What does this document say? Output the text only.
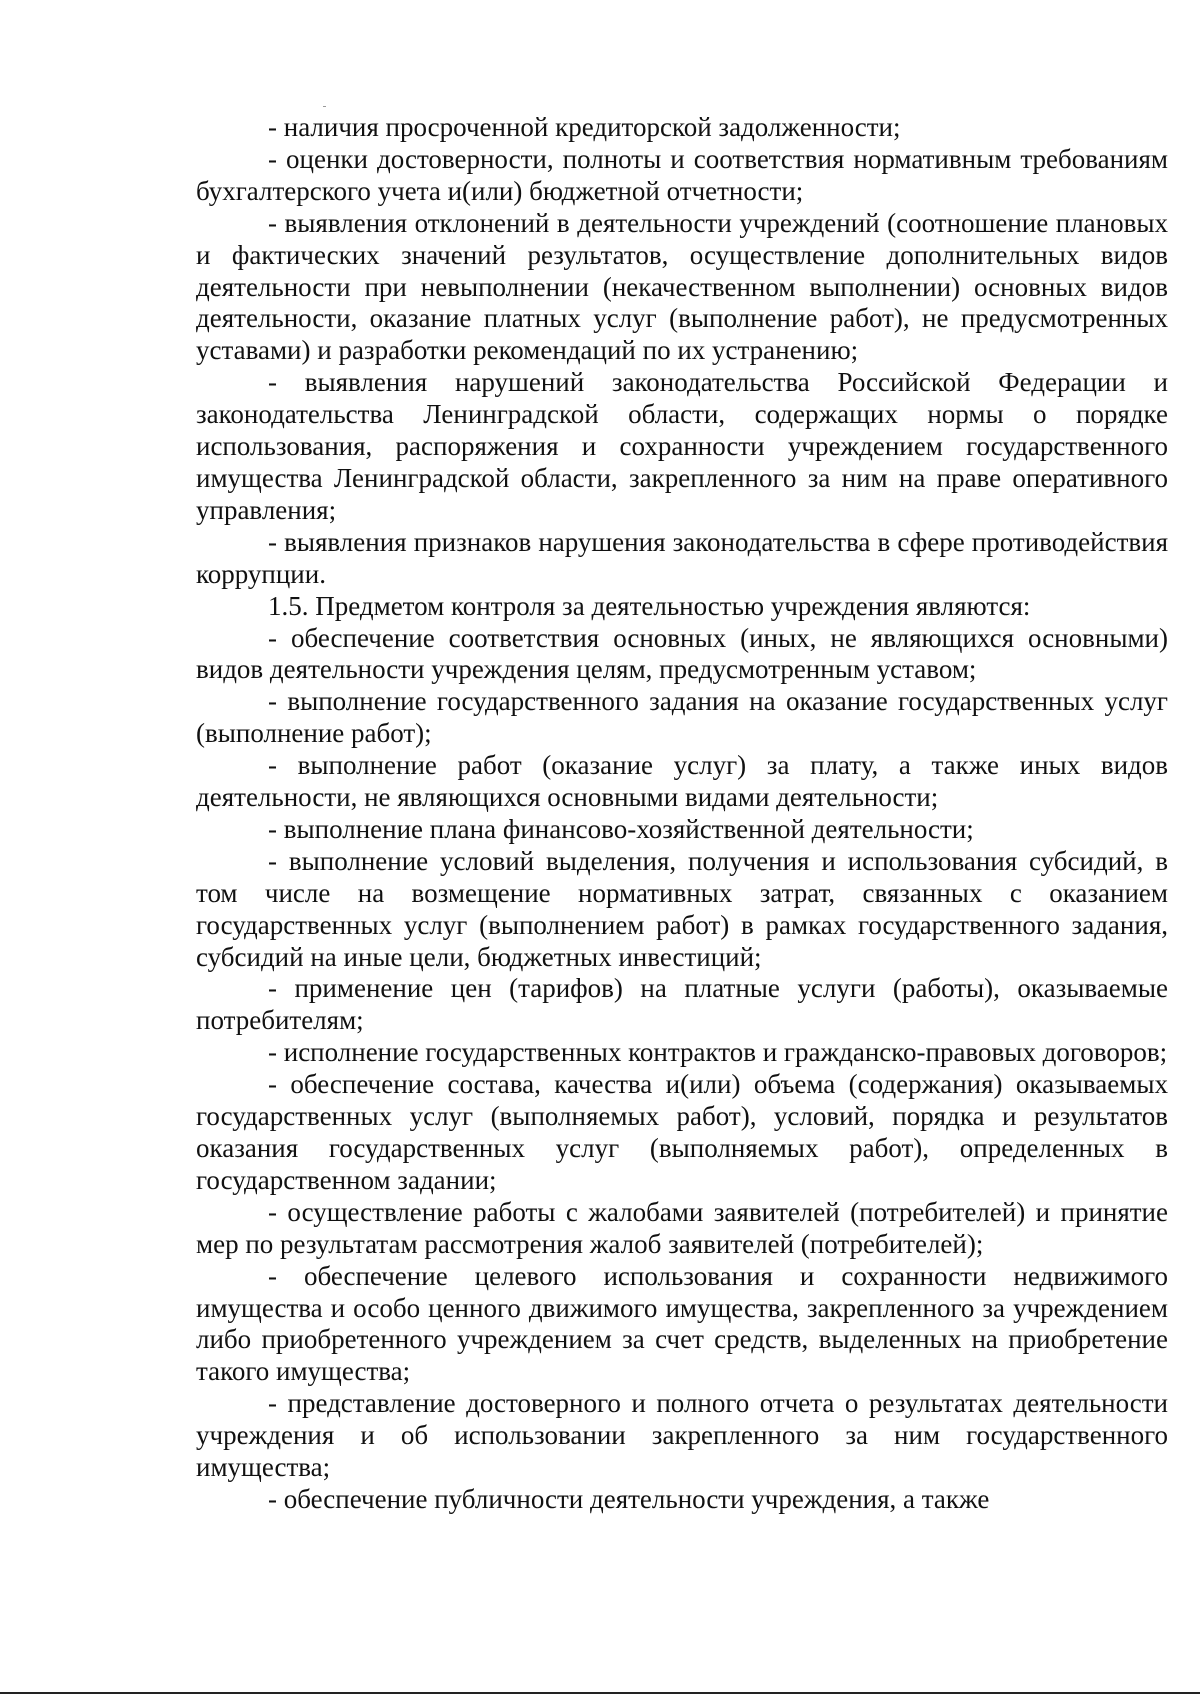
- наличия просроченной кредиторской задолженности;

- оценки достоверности, полноты и соответствия нормативным требованиям бухгалтерского учета и(или) бюджетной отчетности;

- выявления отклонений в деятельности учреждений (соотношение плановых и фактических значений результатов, осуществление дополнительных видов деятельности при невыполнении (некачественном выполнении) основных видов деятельности, оказание платных услуг (выполнение работ), не предусмотренных уставами) и разработки рекомендаций по их устранению;

- выявления нарушений законодательства Российской Федерации и законодательства Ленинградской области, содержащих нормы о порядке использования, распоряжения и сохранности учреждением государственного имущества Ленинградской области, закрепленного за ним на праве оперативного управления;

- выявления признаков нарушения законодательства в сфере противодействия коррупции.

1.5. Предметом контроля за деятельностью учреждения являются:

- обеспечение соответствия основных (иных, не являющихся основными) видов деятельности учреждения целям, предусмотренным уставом;

- выполнение государственного задания на оказание государственных услуг (выполнение работ);

- выполнение работ (оказание услуг) за плату, а также иных видов деятельности, не являющихся основными видами деятельности;

- выполнение плана финансово-хозяйственной деятельности;

- выполнение условий выделения, получения и использования субсидий, в том числе на возмещение нормативных затрат, связанных с оказанием государственных услуг (выполнением работ) в рамках государственного задания, субсидий на иные цели, бюджетных инвестиций;

- применение цен (тарифов) на платные услуги (работы), оказываемые потребителям;

- исполнение государственных контрактов и гражданско-правовых договоров;

- обеспечение состава, качества и(или) объема (содержания) оказываемых государственных услуг (выполняемых работ), условий, порядка и результатов оказания государственных услуг (выполняемых работ), определенных в государственном задании;

- осуществление работы с жалобами заявителей (потребителей) и принятие мер по результатам рассмотрения жалоб заявителей (потребителей);

- обеспечение целевого использования и сохранности недвижимого имущества и особо ценного движимого имущества, закрепленного за учреждением либо приобретенного учреждением за счет средств, выделенных на приобретение такого имущества;

- представление достоверного и полного отчета о результатах деятельности учреждения и об использовании закрепленного за ним государственного имущества;

- обеспечение публичности деятельности учреждения, а также
